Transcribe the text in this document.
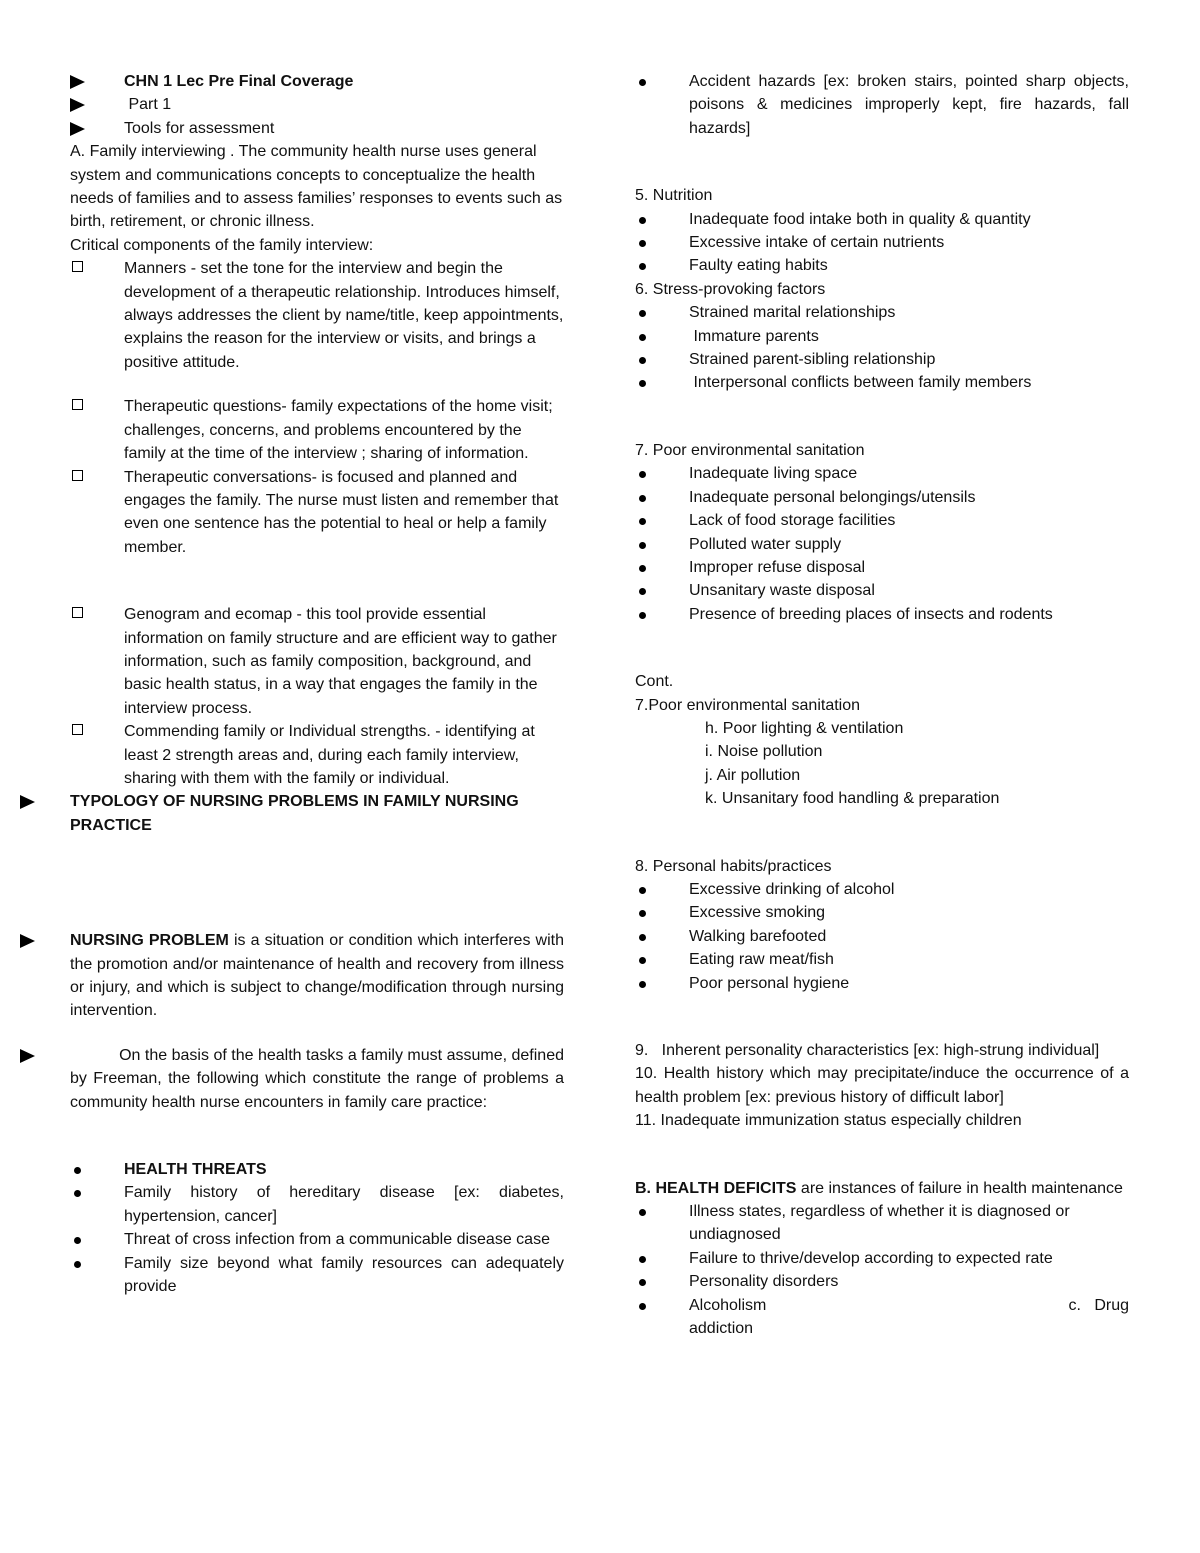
CHN 1 Lec Pre Final Coverage
Part 1
Tools for assessment
A. Family interviewing . The community health nurse uses general system and communications concepts to conceptualize the health needs of families and to assess families’ responses to events such as birth, retirement, or chronic illness.
Critical components of the family interview:
Manners - set the tone for the interview and begin the development of a therapeutic relationship. Introduces himself, always addresses the client by name/title, keep appointments, explains the reason for the interview or visits, and brings a positive attitude.
Therapeutic questions- family expectations of the home visit; challenges, concerns, and problems encountered by the family at the time of the interview ; sharing of information.
Therapeutic conversations- is focused and planned and engages the family. The nurse must listen and remember that even one sentence has the potential to heal or help a family member.
Genogram and ecomap - this tool provide essential information on family structure and are efficient way to gather information, such as family composition, background, and basic health status, in a way that engages the family in the interview process.
Commending family or Individual strengths. - identifying at least 2 strength areas and, during each family interview, sharing with them with the family or individual.
TYPOLOGY OF NURSING PROBLEMS IN FAMILY NURSING PRACTICE
NURSING PROBLEM is a situation or condition which interferes with the promotion and/or maintenance of health and recovery from illness or injury, and which is subject to change/modification through nursing intervention.
On the basis of the health tasks a family must assume, defined by Freeman, the following which constitute the range of problems a community health nurse encounters in family care practice:
HEALTH THREATS
Family history of hereditary disease [ex: diabetes, hypertension, cancer]
Threat of cross infection from a communicable disease case
Family size beyond what family resources can adequately provide
Accident hazards [ex: broken stairs, pointed sharp objects, poisons & medicines improperly kept, fire hazards, fall hazards]
5. Nutrition
Inadequate food intake both in quality & quantity
Excessive intake of certain nutrients
Faulty eating habits
6. Stress-provoking factors
Strained marital relationships
Immature parents
Strained parent-sibling relationship
Interpersonal conflicts between family members
7. Poor environmental sanitation
Inadequate living space
Inadequate personal belongings/utensils
Lack of food storage facilities
Polluted water supply
Improper refuse disposal
Unsanitary waste disposal
Presence of breeding places of insects and rodents
Cont.
7.Poor environmental sanitation
h. Poor lighting & ventilation
i. Noise pollution
j. Air pollution
k. Unsanitary food handling & preparation
8. Personal habits/practices
Excessive drinking of alcohol
Excessive smoking
Walking barefooted
Eating raw meat/fish
Poor personal hygiene
9.   Inherent personality characteristics [ex: high-strung individual]
10. Health history which may precipitate/induce the occurrence of a health problem [ex: previous history of difficult labor]
11. Inadequate immunization status especially children
B. HEALTH DEFICITS are instances of failure in health maintenance
Illness states, regardless of whether it is diagnosed or undiagnosed
Failure to thrive/develop according to expected rate
Personality disorders
Alcoholism	c.   Drug
addiction
